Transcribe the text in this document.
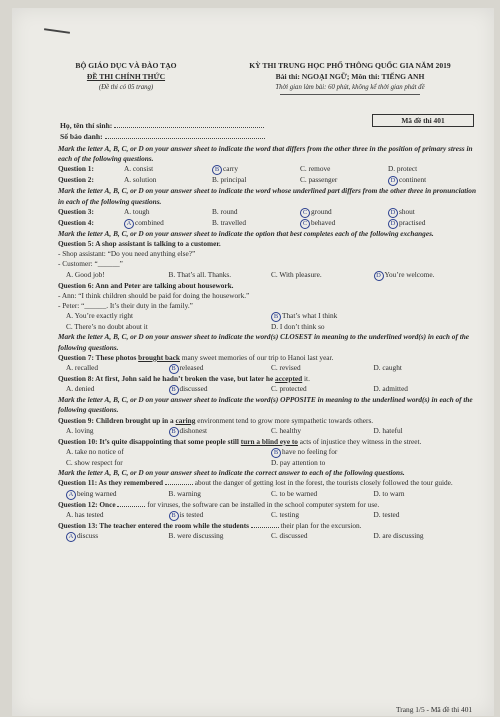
BỘ GIÁO DỤC VÀ ĐÀO TẠO
ĐỀ THI CHÍNH THỨC
(Đề thi có 05 trang)
KỲ THI TRUNG HỌC PHỔ THÔNG QUỐC GIA NĂM 2019
Bài thi: NGOẠI NGỮ; Môn thi: TIẾNG ANH
Thời gian làm bài: 60 phút, không kể thời gian phát đề
Họ, tên thí sinh:
Số báo danh:
Mã đề thi 401
Mark the letter A, B, C, or D on your answer sheet to indicate the word that differs from the other three in the position of primary stress in each of the following questions.
Question 1:	A. consist	B carry	C. remove	D. protect
Question 2:	A. solution	B. principal	C. passenger	D continent
Mark the letter A, B, C, or D on your answer sheet to indicate the word whose underlined part differs from the other three in pronunciation in each of the following questions.
Question 3:	A. tough	B. round	C ground	D shout
Question 4:	A combined	B. travelled	C behaved	D practised
Mark the letter A, B, C, or D on your answer sheet to indicate the option that best completes each of the following exchanges.
Question 5: A shop assistant is talking to a customer.
- Shop assistant: “Do you need anything else?”
- Customer: “______”
A. Good job!	B. That’s all. Thanks.	C. With pleasure.	D You’re welcome.
Question 6: Ann and Peter are talking about housework.
- Ann: “I think children should be paid for doing the housework.”
- Peter: “______. It’s their duty in the family.”
A. You’re exactly right	B That’s what I think
C. There’s no doubt about it	D. I don’t think so
Mark the letter A, B, C, or D on your answer sheet to indicate the word(s) CLOSEST in meaning to the underlined word(s) in each of the following questions.
Question 7: These photos brought back many sweet memories of our trip to Hanoi last year.
A. recalled	B released	C. revised	D. caught
Question 8: At first, John said he hadn’t broken the vase, but later he accepted it.
A. denied	B discussed	C. protected	D. admitted
Mark the letter A, B, C, or D on your answer sheet to indicate the word(s) OPPOSITE in meaning to the underlined word(s) in each of the following questions.
Question 9: Children brought up in a caring environment tend to grow more sympathetic towards others.
A. loving	B dishonest	C. healthy	D. hateful
Question 10: It’s quite disappointing that some people still turn a blind eye to acts of injustice they witness in the street.
A. take no notice of	B have no feeling for
C. show respect for	D. pay attention to
Mark the letter A, B, C, or D on your answer sheet to indicate the correct answer to each of the following questions.
Question 11: As they remembered	about the danger of getting lost in the forest, the tourists closely followed the tour guide.
A being warned	B. warning	C. to be warned	D. to warn
Question 12: Once	for viruses, the software can be installed in the school computer system for use.
A. has tested	B is tested	C. testing	D. tested
Question 13: The teacher entered the room while the students	their plan for the excursion.
A discuss	B. were discussing	C. discussed	D. are discussing
Trang 1/5 - Mã đề thi 401
